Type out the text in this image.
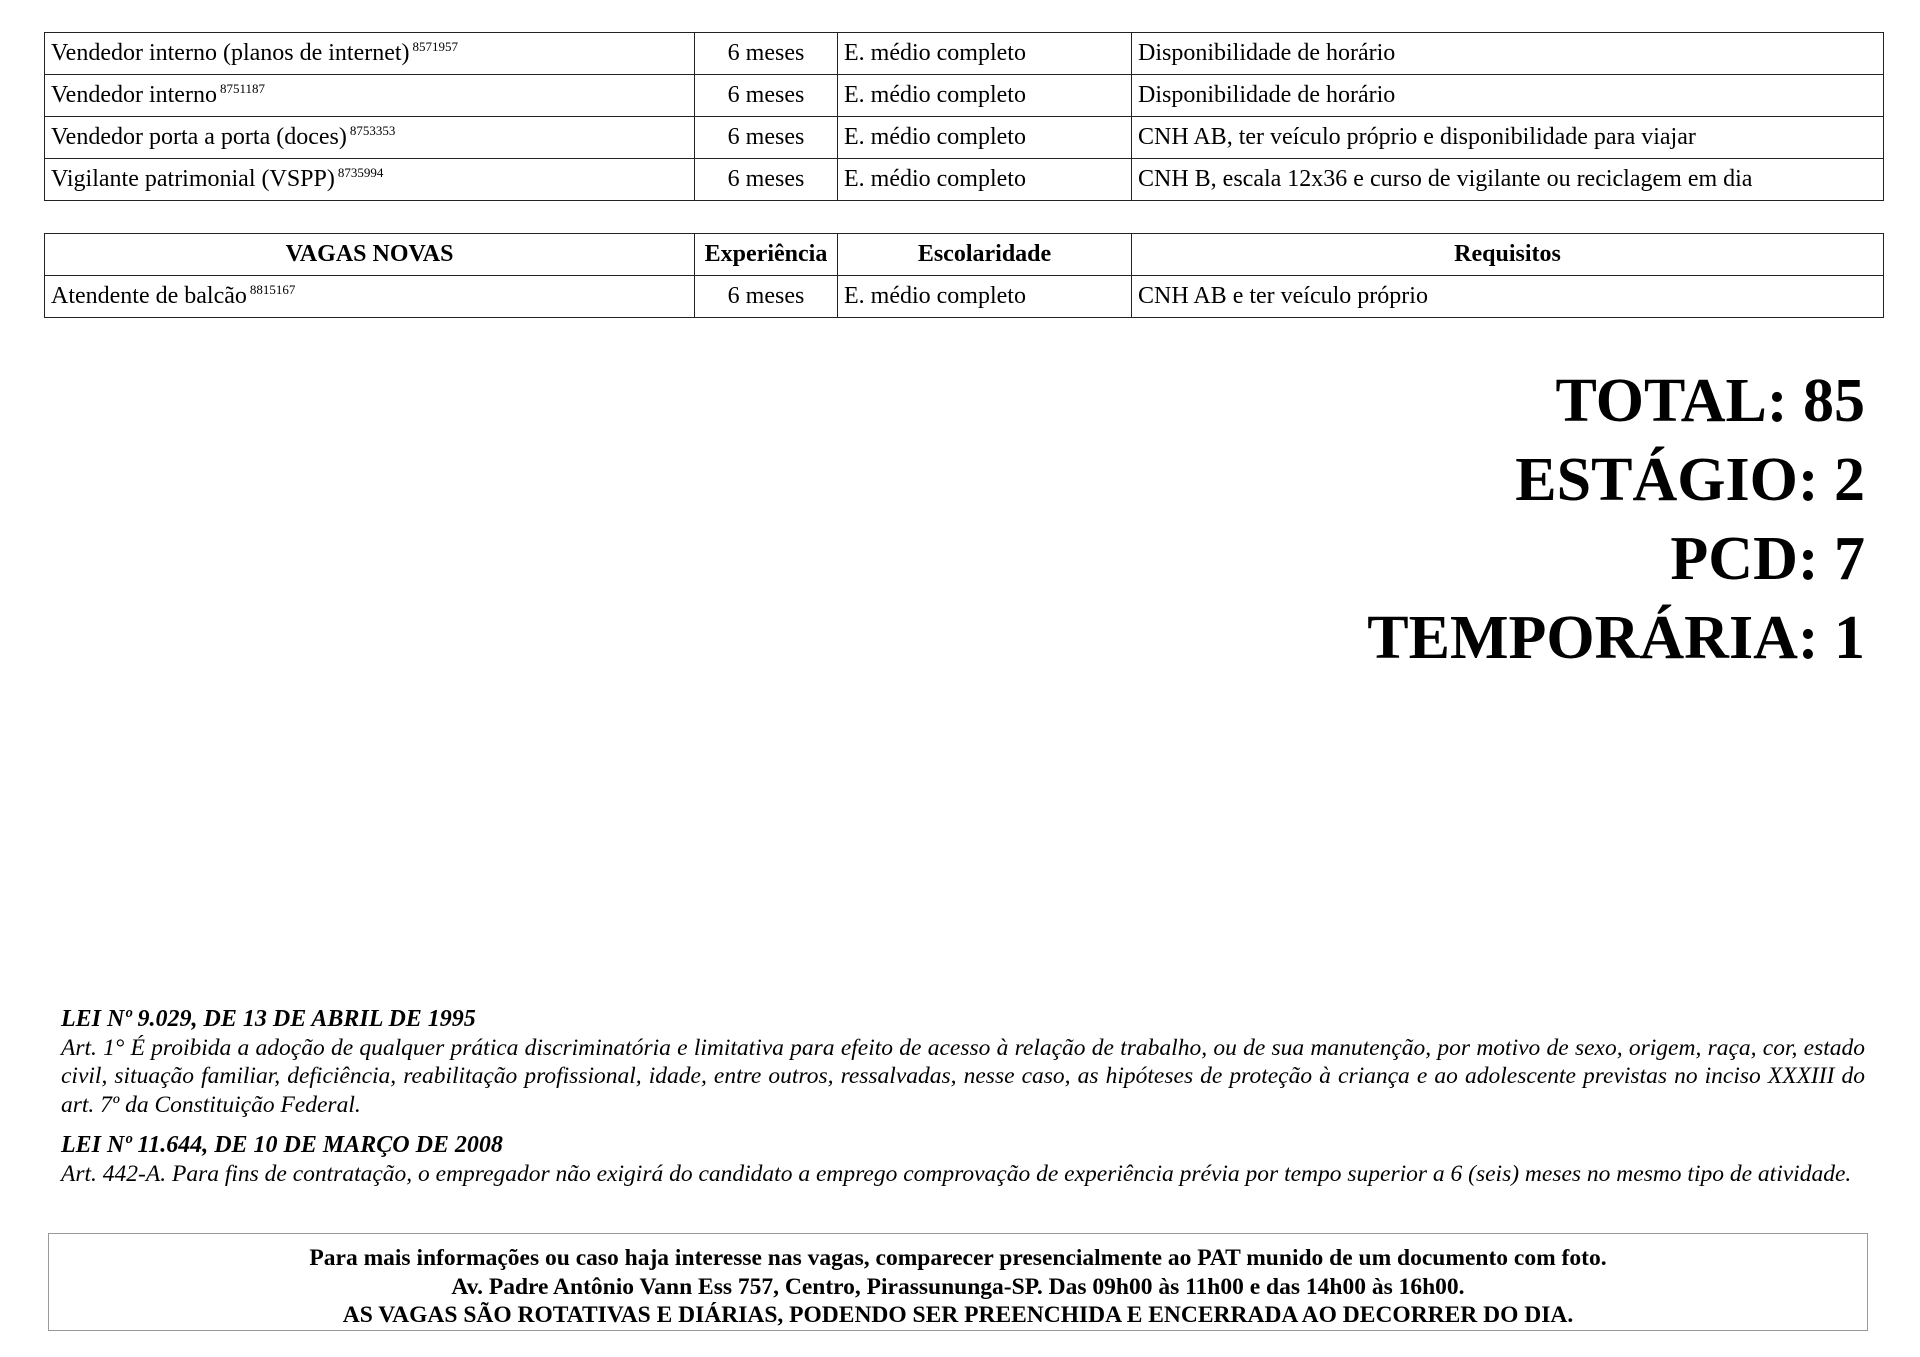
Vendedor interno (planos de internet) $^{8571957}$	6 meses	E. médio completo	Disponibilidade de horário
Vendedor interno $^{8751187}$	6 meses	E. médio completo	Disponibilidade de horário
Vendedor porta a porta (doces) $^{8753353}$	6 meses	E. médio completo	CNH AB, ter veículo próprio e disponibilidade para viajar
Vigilante patrimonial (VSPP) $^{8735994}$	6 meses	E. médio completo	CNH B, escala 12x36 e curso de vigilante ou reciclagem em dia
VAGAS NOVAS	Experiência	Escolaridade	Requisitos
Atendente de balcão $^{8815167}$	6 meses	E. médio completo	CNH AB e ter veículo próprio
TOTAL: 85
ESTÁGIO: 2
PCD: 7
TEMPORÁRIA: 1
LEI Nº 9.029, DE 13 DE ABRIL DE 1995
Art. 1° É proibida a adoção de qualquer prática discriminatória e limitativa para efeito de acesso à relação de trabalho, ou de sua manutenção, por motivo de sexo, origem, raça, cor, estado civil, situação familiar, deficiência, reabilitação profissional, idade, entre outros, ressalvadas, nesse caso, as hipóteses de proteção à criança e ao adolescente previstas no inciso XXXIII do art. 7º da Constituição Federal.
LEI Nº 11.644, DE 10 DE MARÇO DE 2008
Art. 442-A. Para fins de contratação, o empregador não exigirá do candidato a emprego comprovação de experiência prévia por tempo superior a 6 (seis) meses no mesmo tipo de atividade.
Para mais informações ou caso haja interesse nas vagas, comparecer presencialmente ao PAT munido de um documento com foto.
Av. Padre Antônio Vann Ess 757, Centro, Pirassununga-SP. Das 09h00 às 11h00 e das 14h00 às 16h00.
AS VAGAS SÃO ROTATIVAS E DIÁRIAS, PODENDO SER PREENCHIDA E ENCERRADA AO DECORRER DO DIA.
